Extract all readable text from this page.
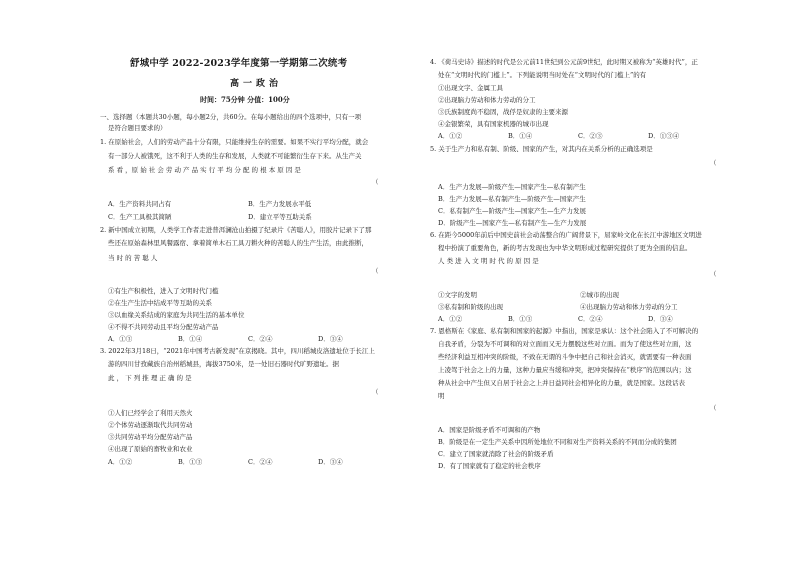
舒城中学 2022-2023学年度第一学期第二次统考
高一政治
时间：75分钟 分值：100分
一、选择题（本题共30小题，每小题2分，共60分。在每小题给出的四个选项中，只有一项
是符合题目要求的）
1. 在原始社会，人们的劳动产品十分有限，只能维持生存的需要。如果不实行平均分配，就会
有一部分人被饿死，这不利于人类的生存和发展，人类就不可能繁衍生存下来。从生产关
系 看 ，原 始 社 会 劳 动 产 品 实 行 平 均 分 配 的 根 本 原 因 是
（
A．生产资料共同占有	B．生产力发展水平低
C．生产工具极其简陋	D．建立平等互助关系
2. 新中国成立初期，人类学工作者走进普洱澜沧山拍摄了纪录片《苦聪人》，用胶片记录下了那
些还在原始森林里风餐露宿、拿着简单木石工具刀耕火种的苦聪人的生产生活，由此推断，
当 时 的 苦 聪 人
（
①有生产积极性，进入了文明时代门槛
②在生产生活中结成平等互助的关系
③以血缘关系结成的家庭为共同生活的基本单位
④不得不共同劳动且平均分配劳动产品
A．①③	B．①④	C．②④	D．③④
3. 2022年3月18日，“2021年中国考古新发现”在京揭晓。其中，四川稻城皮洛遗址位于长江上
游的四川甘孜藏族自治州稻城县，海拔3750米，是一处旧石器时代旷野遗址。据
此 ， 下 列 推 理 正 确 的 是
（
①人们已经学会了利用天然火
②个体劳动逐渐取代共同劳动
③共同劳动平均分配劳动产品
④出现了原始的畜牧业和农业
A．①②	B．①③	C．②④	D．③④
4. 《荷马史诗》描述的时代是公元前11世纪到公元前9世纪，此时期又被称为“英雄时代”，正
处在“文明时代的门槛上”。下列能说明当时处在“文明时代的门槛上”的有
①出现文字、金属工具
②出现脑力劳动和体力劳动的分工
③氏族制度尚不稳固，战俘是奴隶的主要来源
④金银繁荣，具有国家机器的城市出现
A．①②	B．①④	C．②③	D．①③④
5. 关于生产力和私有制、阶级、国家的产生，对其内在关系分析的正确选项是
（
A．生产力发展—阶级产生—国家产生—私有制产生
B．生产力发展—私有制产生—阶级产生—国家产生
C．私有制产生—阶级产生—国家产生—生产力发展
D．阶级产生—国家产生—私有制产生—生产力发展
6. 在距今5000年前后中国史前社会动荡整合的广阔背景下，屈家岭文化在长江中游地区文明进
程中扮演了重要角色，新的考古发现也为中华文明形成过程研究提供了更为全面的信息。
人 类 进 入 文 明 时 代 的 原 因 是
（
①文字的发明	②城市的出现
③私有制和阶级的出现	④出现脑力劳动和体力劳动的分工
A．①②	B．①③	C．②④	D．③④
7. 恩格斯在《家庭、私有制和国家的起源》中指出，国家是承认：这个社会陷入了不可解决的
自我矛盾，分裂为不可调和的对立面而又无力摆脱这些对立面。而为了使这些对立面，这
些经济利益互相冲突的阶级，不致在无谓的斗争中把自己和社会消灭，就需要有一种表面
上凌驾于社会之上的力量，这种力量应当缓和冲突，把冲突保持在“秩序”的范围以内；这
种从社会中产生但又自居于社会之上并日益同社会相异化的力量，就是国家。这段话表
明
（
A．国家是阶级矛盾不可调和的产物
B．阶级是在一定生产关系中因所处地位不同和对生产资料关系的不同而分成的集团
C．建立了国家就消除了社会的阶级矛盾
D．有了国家就有了稳定的社会秩序
